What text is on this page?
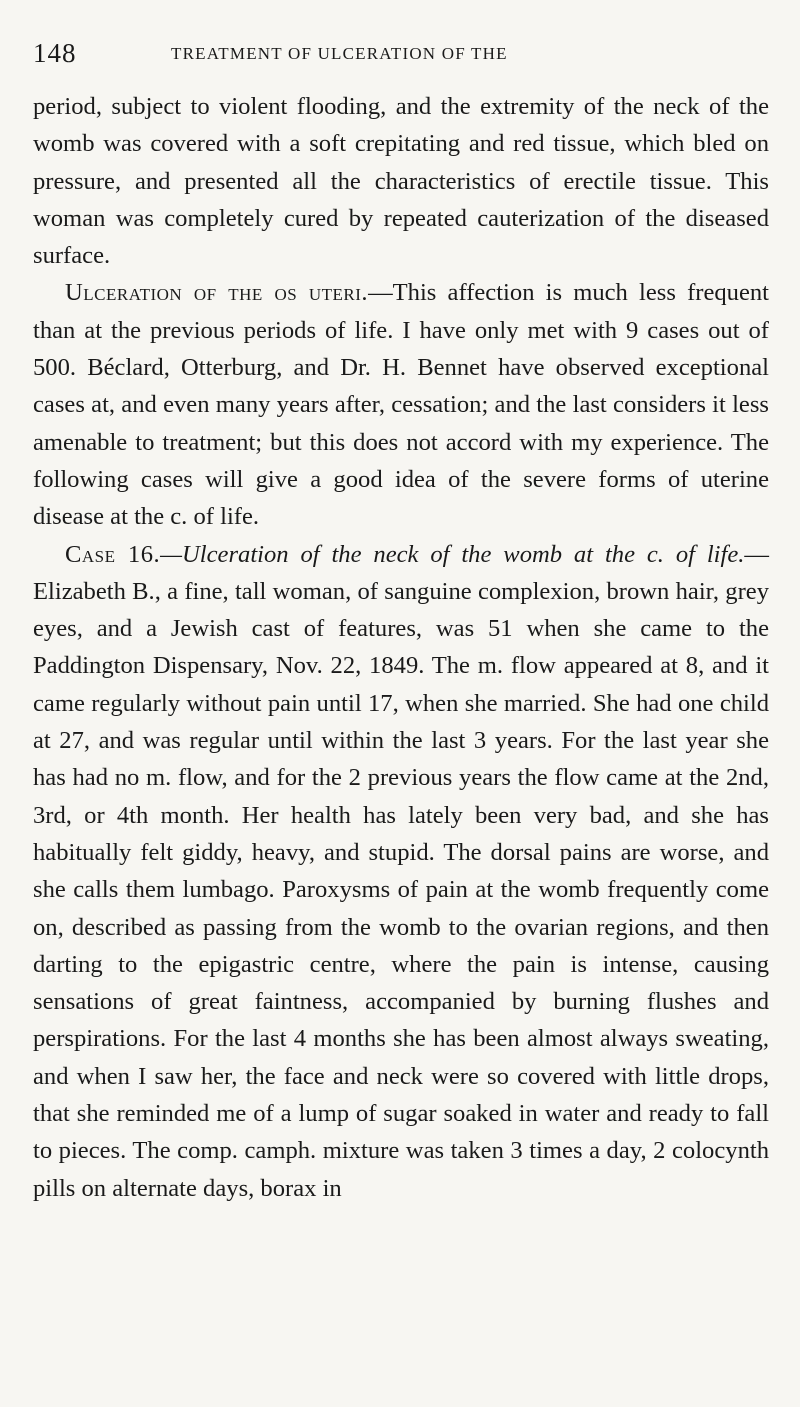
148	TREATMENT OF ULCERATION OF THE

period, subject to violent flooding, and the extremity of the neck of the womb was covered with a soft crepitating and red tissue, which bled on pressure, and presented all the characteristics of erectile tissue. This woman was completely cured by repeated cauterization of the diseased surface.

Ulceration of the os uteri.—This affection is much less frequent than at the previous periods of life. I have only met with 9 cases out of 500. Béclard, Otterburg, and Dr. H. Bennet have observed exceptional cases at, and even many years after, cessation; and the last considers it less amenable to treatment; but this does not accord with my experience. The following cases will give a good idea of the severe forms of uterine disease at the c. of life.

Case 16.—Ulceration of the neck of the womb at the c. of life.—Elizabeth B., a fine, tall woman, of sanguine complexion, brown hair, grey eyes, and a Jewish cast of features, was 51 when she came to the Paddington Dispensary, Nov. 22, 1849. The m. flow appeared at 8, and it came regularly without pain until 17, when she married. She had one child at 27, and was regular until within the last 3 years. For the last year she has had no m. flow, and for the 2 previous years the flow came at the 2nd, 3rd, or 4th month. Her health has lately been very bad, and she has habitually felt giddy, heavy, and stupid. The dorsal pains are worse, and she calls them lumbago. Paroxysms of pain at the womb frequently come on, described as passing from the womb to the ovarian regions, and then darting to the epigastric centre, where the pain is intense, causing sensations of great faintness, accompanied by burning flushes and perspirations. For the last 4 months she has been almost always sweating, and when I saw her, the face and neck were so covered with little drops, that she reminded me of a lump of sugar soaked in water and ready to fall to pieces. The comp. camph. mixture was taken 3 times a day, 2 colocynth pills on alternate days, borax in
